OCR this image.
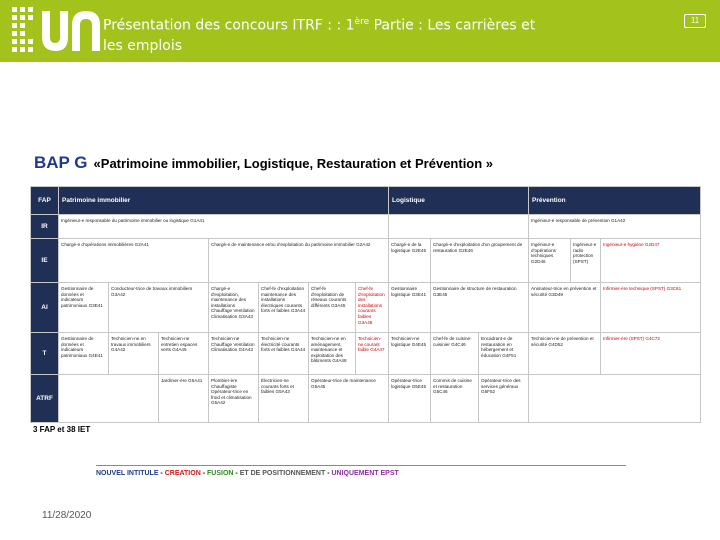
Présentation des concours ITRF : : 1ère Partie : Les carrières et les emplois
11
BAP G «Patrimoine immobilier, Logistique, Restauration et Prévention »
FAP	Patrimoine immobilier							Logistique			Prévention		
IR	Ingénieur-e responsable du patrimoine immobilier ou logistique G1A41										Ingénieur-e responsable de prévention G1A42		
IE	Chargé-e d'opérations immobilières G2A41			Chargé-e de maintenance et/ou d'exploitation du patrimoine immobilier G2A42				Chargé-e de la logistique G2E45	Chargé-e d'exploitation d'un groupement de restauration G2E46		Ingénieur-e d'opérations techniques G2D46	Ingénieur-e radio protection (SPST)	Ingénieur-e hygiène G2D47
AI	Gestionnaire de données et indicateurs patrimoniaux G3E41	Conducteur-trice de travaux immobiliers G3A42		Chargé-e d'exploitation, maintenance des installations Chauffage Ventilation Climatisation G3A43	Chef-fe d'exploitation maintenance des installations électriques courants forts et faibles G3A44	Chef-fe d'exploitation de réseaux courants différents G3A45	Chef-fe d'exploitation des installations courants faibles G3A46	Gestionnaire logistique G3E41	Gestionnaire de structure de restauration G3E45		Animateur-trice en prévention et sécurité G3D49		Infirmier-ère technique (SPST) G3C61
T	Gestionnaire de données et indicateurs patrimoniaux G4E41	Technicien-ne en travaux immobiliers G4A42	Technicien-ne entretien espaces verts G4A45	Technicien-ne Chauffage Ventilation Climatisation G4A43	Technicien-ne électricité courants forts et faibles G4A44	Technicien-ne en aménagement, maintenance et exploitation des bâtiments G4A48	Technicien-ne courant faible G4A47	Technicien-ne logistique G4E45	Chef-fe de cuisine-cuisinier G4C46	Encadrant-e de restauration en hébergement et éducation G4F51	Technicien-ne de prévention et sécurité G4D52		Infirmier-ère (SPST) G4C72
ATRF			Jardinier-ère G5A41	Plombier-ère Chauffagiste Opérateur-trice en froid et climatisation G5A42	Électricien-ne courants forts et faibles G5A43	Opérateur-trice de maintenance G5A45		Opérateur-trice logistique G5E45	Commis de cuisine et restauration G5C46	Opérateur-trice des services généraux G5F52			
3 FAP et 38 IET
NOUVEL INTITULE - CREATION - FUSION - ET DE POSITIONNEMENT - UNIQUEMENT EPST
11/28/2020
